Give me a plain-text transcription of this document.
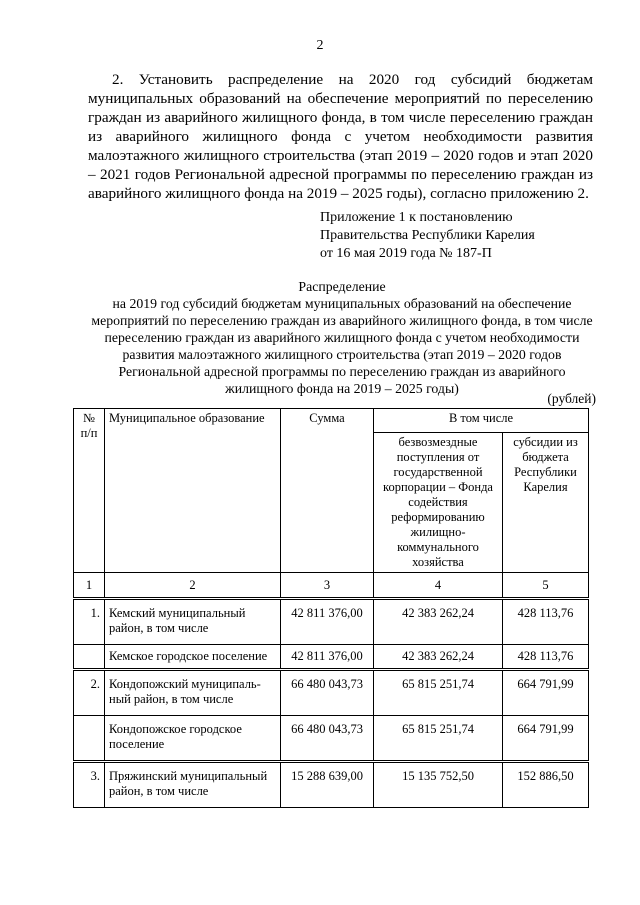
2
2. Установить распределение на 2020 год субсидий бюджетам муниципальных образований на обеспечение мероприятий по переселению граждан из аварийного жилищного фонда, в том числе переселению граждан из аварийного жилищного фонда с учетом необходимости развития малоэтажного жилищного строительства (этап 2019 – 2020 годов и этап 2020 – 2021 годов Региональной адресной программы по переселению граждан из аварийного жилищного фонда на 2019 – 2025 годы), согласно приложению 2.
Приложение 1 к постановлению
Правительства Республики Карелия
от 16 мая 2019 года № 187-П
Распределение
на 2019 год субсидий бюджетам муниципальных образований на обеспечение мероприятий по переселению граждан из аварийного жилищного фонда, в том числе переселению граждан из аварийного жилищного фонда с учетом необходимости развития малоэтажного жилищного строительства (этап 2019 – 2020 годов Региональной адресной программы по переселению граждан из аварийного жилищного фонда на 2019 – 2025 годы)
(рублей)
№ п/п	Муниципальное образование	Сумма	В том числе	
			безвозмездные поступления от государственной корпорации – Фонда содействия реформированию жилищно-коммунального хозяйства	субсидии из бюджета Республики Карелия
1	2	3	4	5
1.	Кемский муниципальный район, в том числе	42 811 376,00	42 383 262,24	428 113,76
	Кемское городское поселение	42 811 376,00	42 383 262,24	428 113,76
2.	Кондопожский муниципаль-ный район, в том числе	66 480 043,73	65 815 251,74	664 791,99
	Кондопожское городское поселение	66 480 043,73	65 815 251,74	664 791,99
3.	Пряжинский муниципальный район, в том числе	15 288 639,00	15 135 752,50	152 886,50
